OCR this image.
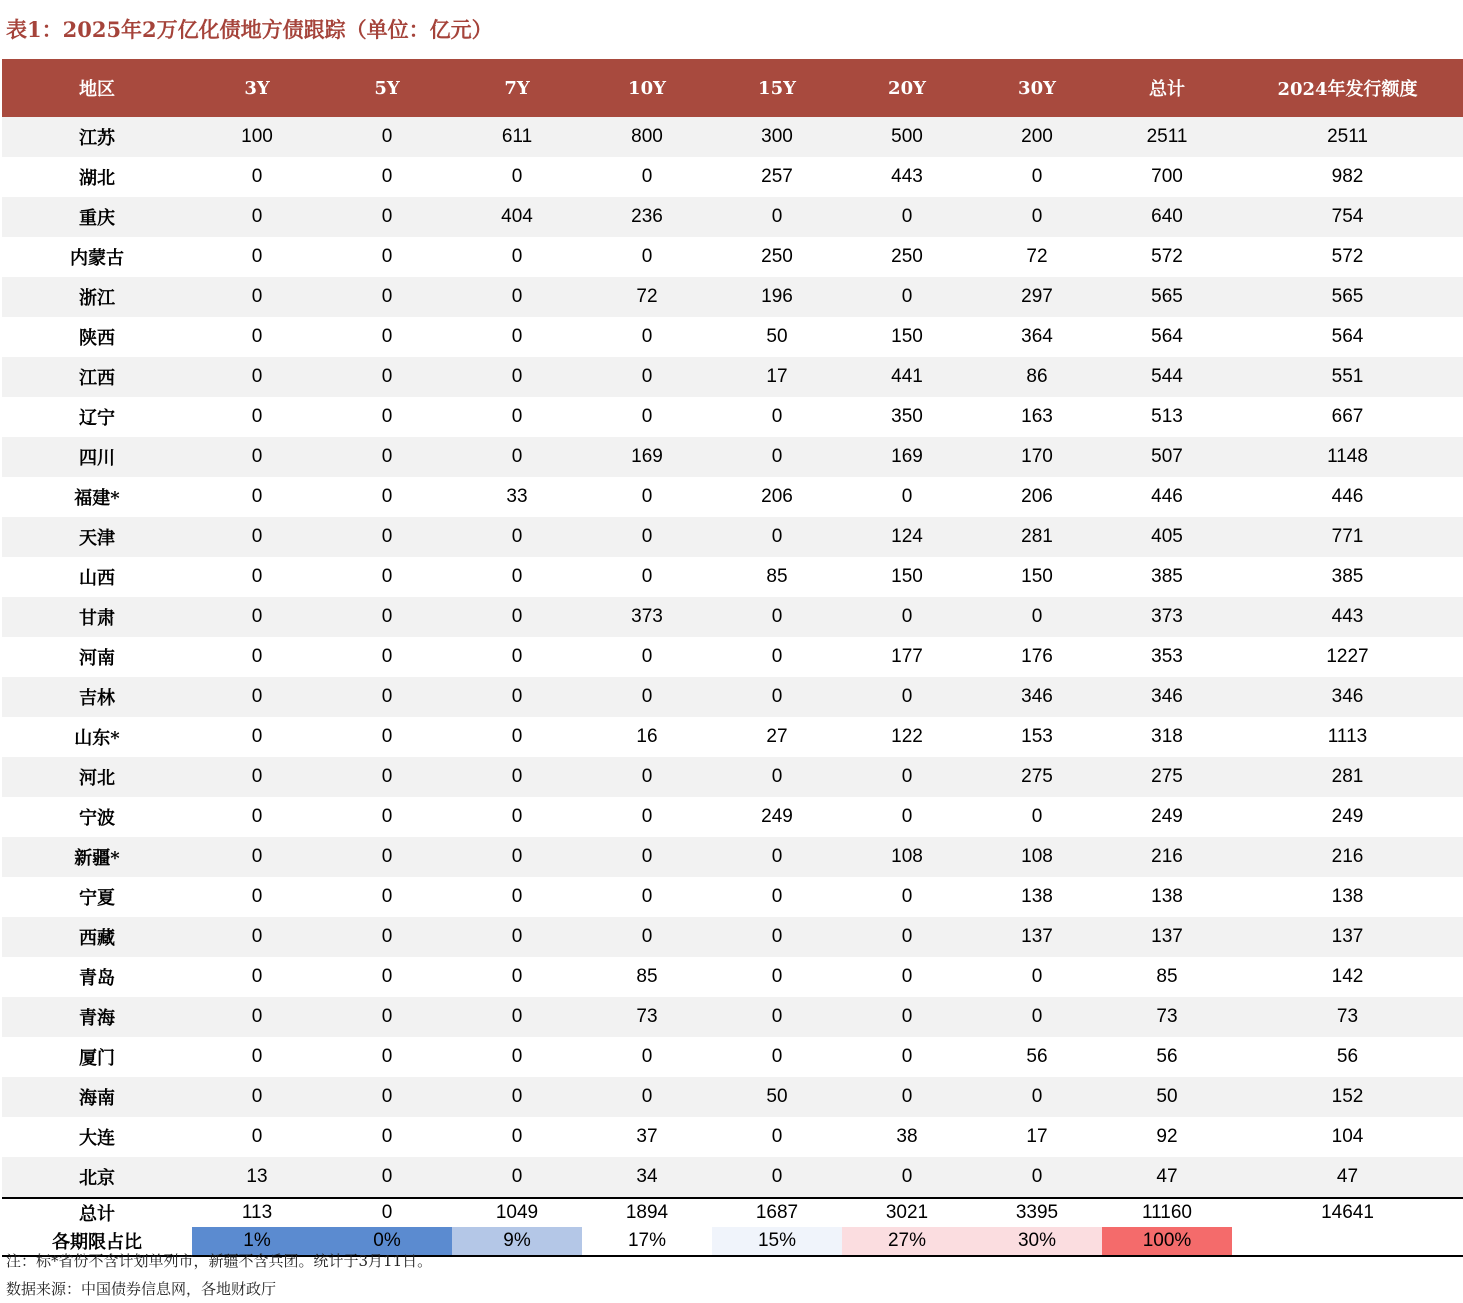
表1：2025年2万亿化债地方债跟踪（单位：亿元）
地区	3Y	5Y	7Y	10Y	15Y	20Y	30Y	总计	2024年发行额度
江苏	100	0	611	800	300	500	200	2511	2511
湖北	0	0	0	0	257	443	0	700	982
重庆	0	0	404	236	0	0	0	640	754
内蒙古	0	0	0	0	250	250	72	572	572
浙江	0	0	0	72	196	0	297	565	565
陕西	0	0	0	0	50	150	364	564	564
江西	0	0	0	0	17	441	86	544	551
辽宁	0	0	0	0	0	350	163	513	667
四川	0	0	0	169	0	169	170	507	1148
福建*	0	0	33	0	206	0	206	446	446
天津	0	0	0	0	0	124	281	405	771
山西	0	0	0	0	85	150	150	385	385
甘肃	0	0	0	373	0	0	0	373	443
河南	0	0	0	0	0	177	176	353	1227
吉林	0	0	0	0	0	0	346	346	346
山东*	0	0	0	16	27	122	153	318	1113
河北	0	0	0	0	0	0	275	275	281
宁波	0	0	0	0	249	0	0	249	249
新疆*	0	0	0	0	0	108	108	216	216
宁夏	0	0	0	0	0	0	138	138	138
西藏	0	0	0	0	0	0	137	137	137
青岛	0	0	0	85	0	0	0	85	142
青海	0	0	0	73	0	0	0	73	73
厦门	0	0	0	0	0	0	56	56	56
海南	0	0	0	0	50	0	0	50	152
大连	0	0	0	37	0	38	17	92	104
北京	13	0	0	34	0	0	0	47	47
总计	113	0	1049	1894	1687	3021	3395	11160	14641
各期限占比	1%	0%	9%	17%	15%	27%	30%	100%	
注：标*省份不含计划单列市，新疆不含兵团。统计于3月11日。
数据来源：中国债券信息网，各地财政厅
